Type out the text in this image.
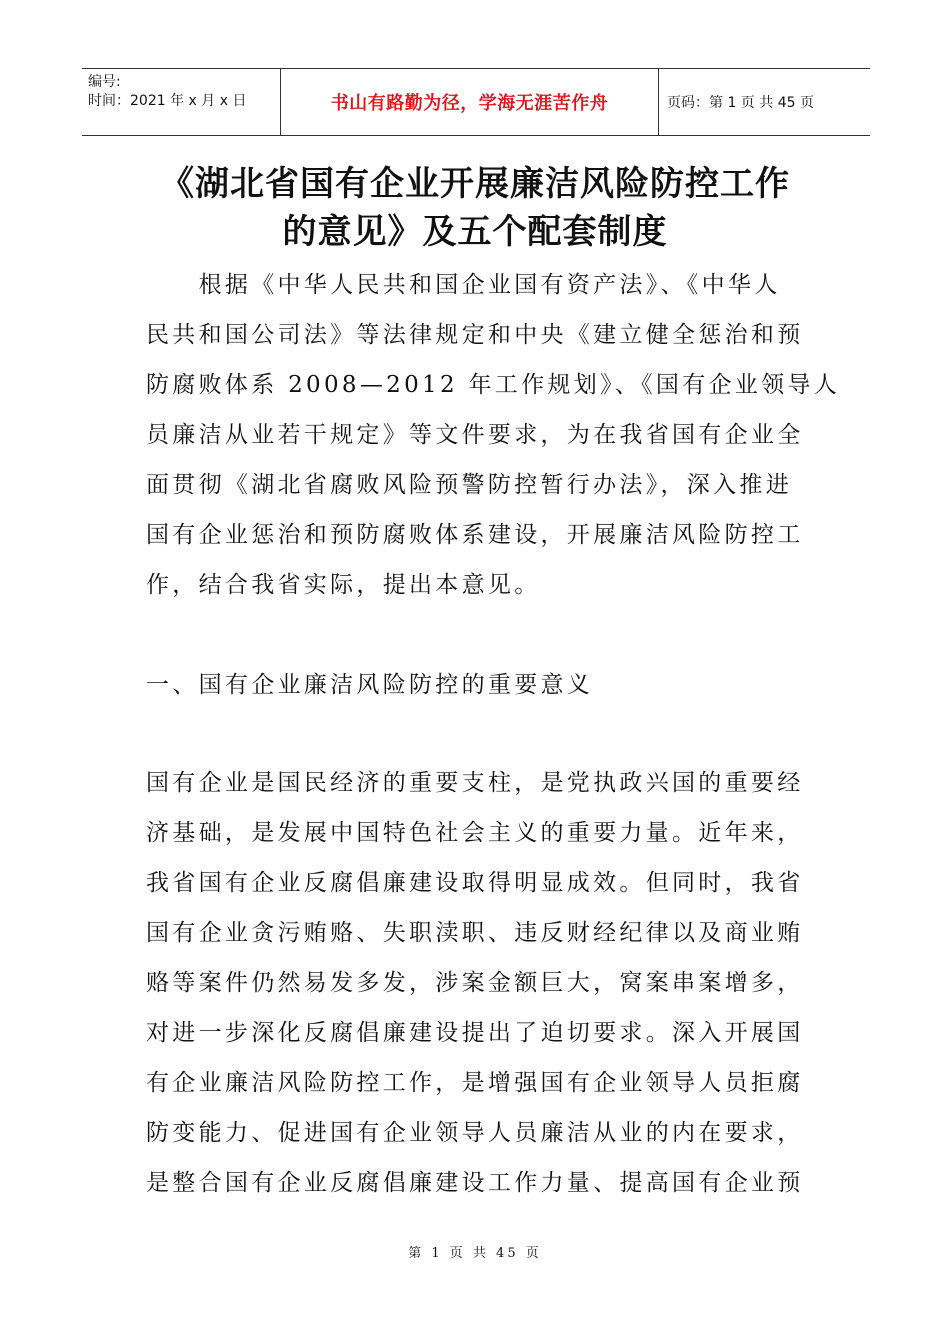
编号:
时间：2021 年 x 月 x 日	书山有路勤为径，学海无涯苦作舟	页码：第 1 页 共 45 页
《湖北省国有企业开展廉洁风险防控工作
的意见》及五个配套制度
　　根据《中华人民共和国企业国有资产法》、《中华人
民共和国公司法》等法律规定和中央《建立健全惩治和预
防腐败体系 2008—2012 年工作规划》、《国有企业领导人
员廉洁从业若干规定》等文件要求，为在我省国有企业全
面贯彻《湖北省腐败风险预警防控暂行办法》，深入推进
国有企业惩治和预防腐败体系建设，开展廉洁风险防控工
作，结合我省实际，提出本意见。
一、国有企业廉洁风险防控的重要意义
国有企业是国民经济的重要支柱，是党执政兴国的重要经
济基础，是发展中国特色社会主义的重要力量。近年来，
我省国有企业反腐倡廉建设取得明显成效。但同时，我省
国有企业贪污贿赂、失职渎职、违反财经纪律以及商业贿
赂等案件仍然易发多发，涉案金额巨大，窝案串案增多，
对进一步深化反腐倡廉建设提出了迫切要求。深入开展国
有企业廉洁风险防控工作，是增强国有企业领导人员拒腐
防变能力、促进国有企业领导人员廉洁从业的内在要求，
是整合国有企业反腐倡廉建设工作力量、提高国有企业预
第 1 页 共 45 页
